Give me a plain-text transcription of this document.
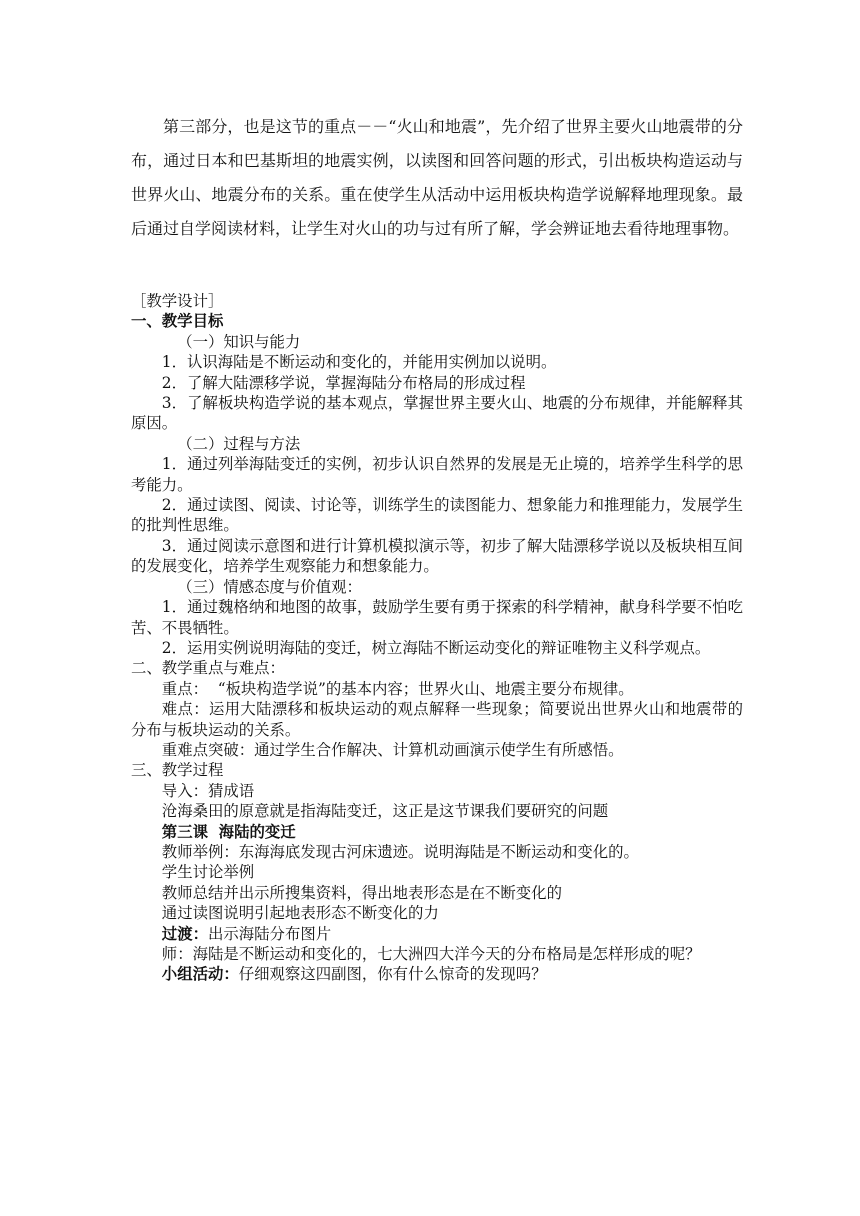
第三部分，也是这节的重点－－“火山和地震”，先介绍了世界主要火山地震带的分布，通过日本和巴基斯坦的地震实例，以读图和回答问题的形式，引出板块构造运动与世界火山、地震分布的关系。重在使学生从活动中运用板块构造学说解释地理现象。最后通过自学阅读材料，让学生对火山的功与过有所了解，学会辨证地去看待地理事物。

［教学设计］

一、教学目标

（一）知识与能力

1．认识海陆是不断运动和变化的，并能用实例加以说明。

2．了解大陆漂移学说，掌握海陆分布格局的形成过程

3．了解板块构造学说的基本观点，掌握世界主要火山、地震的分布规律，并能解释其原因。

（二）过程与方法

1．通过列举海陆变迁的实例，初步认识自然界的发展是无止境的，培养学生科学的思考能力。

2．通过读图、阅读、讨论等，训练学生的读图能力、想象能力和推理能力，发展学生的批判性思维。

3．通过阅读示意图和进行计算机模拟演示等，初步了解大陆漂移学说以及板块相互间的发展变化，培养学生观察能力和想象能力。

（三）情感态度与价值观：

1．通过魏格纳和地图的故事，鼓励学生要有勇于探索的科学精神，献身科学要不怕吃苦、不畏牺牲。

2．运用实例说明海陆的变迁，树立海陆不断运动变化的辩证唯物主义科学观点。

二、教学重点与难点：

重点：  “板块构造学说”的基本内容；世界火山、地震主要分布规律。

难点：运用大陆漂移和板块运动的观点解释一些现象；简要说出世界火山和地震带的分布与板块运动的关系。

重难点突破：通过学生合作解决、计算机动画演示使学生有所感悟。

三、教学过程

导入：猜成语

沧海桑田的原意就是指海陆变迁，这正是这节课我们要研究的问题

第三课  海陆的变迁

教师举例：东海海底发现古河床遗迹。说明海陆是不断运动和变化的。

学生讨论举例

教师总结并出示所搜集资料，得出地表形态是在不断变化的

通过读图说明引起地表形态不断变化的力

过渡：出示海陆分布图片

师：海陆是不断运动和变化的，七大洲四大洋今天的分布格局是怎样形成的呢？

小组活动：仔细观察这四副图，你有什么惊奇的发现吗？
